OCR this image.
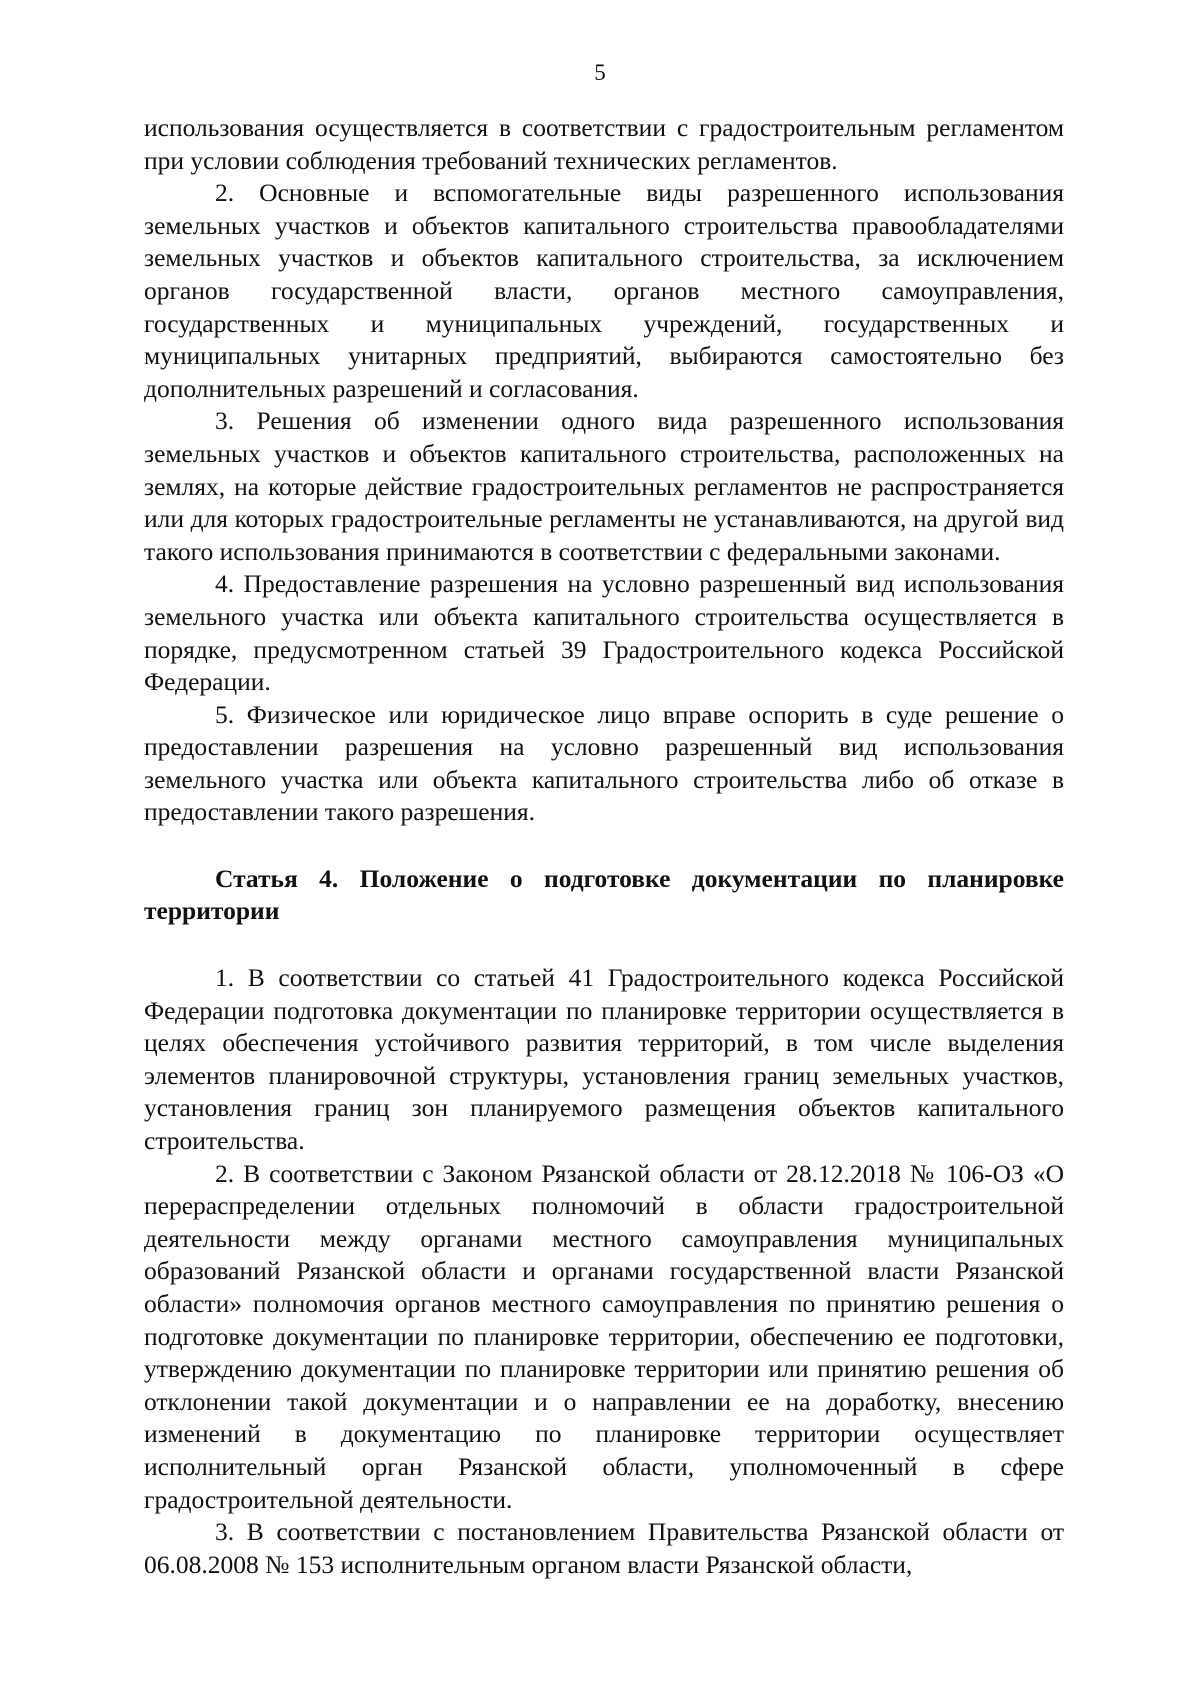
5

использования осуществляется в соответствии с градостроительным регламентом при условии соблюдения требований технических регламентов.

2. Основные и вспомогательные виды разрешенного использования земельных участков и объектов капитального строительства правообладателями земельных участков и объектов капитального строительства, за исключением органов государственной власти, органов местного самоуправления, государственных и муниципальных учреждений, государственных и муниципальных унитарных предприятий, выбираются самостоятельно без дополнительных разрешений и согласования.

3. Решения об изменении одного вида разрешенного использования земельных участков и объектов капитального строительства, расположенных на землях, на которые действие градостроительных регламентов не распространяется или для которых градостроительные регламенты не устанавливаются, на другой вид такого использования принимаются в соответствии с федеральными законами.

4. Предоставление разрешения на условно разрешенный вид использования земельного участка или объекта капитального строительства осуществляется в порядке, предусмотренном статьей 39 Градостроительного кодекса Российской Федерации.

5. Физическое или юридическое лицо вправе оспорить в суде решение о предоставлении разрешения на условно разрешенный вид использования земельного участка или объекта капитального строительства либо об отказе в предоставлении такого разрешения.

Статья 4. Положение о подготовке документации по планировке территории

1. В соответствии со статьей 41 Градостроительного кодекса Российской Федерации подготовка документации по планировке территории осуществляется в целях обеспечения устойчивого развития территорий, в том числе выделения элементов планировочной структуры, установления границ земельных участков, установления границ зон планируемого размещения объектов капитального строительства.

2. В соответствии с Законом Рязанской области от 28.12.2018 № 106-ОЗ «О перераспределении отдельных полномочий в области градостроительной деятельности между органами местного самоуправления муниципальных образований Рязанской области и органами государственной власти Рязанской области» полномочия органов местного самоуправления по принятию решения о подготовке документации по планировке территории, обеспечению ее подготовки, утверждению документации по планировке территории или принятию решения об отклонении такой документации и о направлении ее на доработку, внесению изменений в документацию по планировке территории осуществляет исполнительный орган Рязанской области, уполномоченный в сфере градостроительной деятельности.

3. В соответствии с постановлением Правительства Рязанской области от 06.08.2008 № 153 исполнительным органом власти Рязанской области,
